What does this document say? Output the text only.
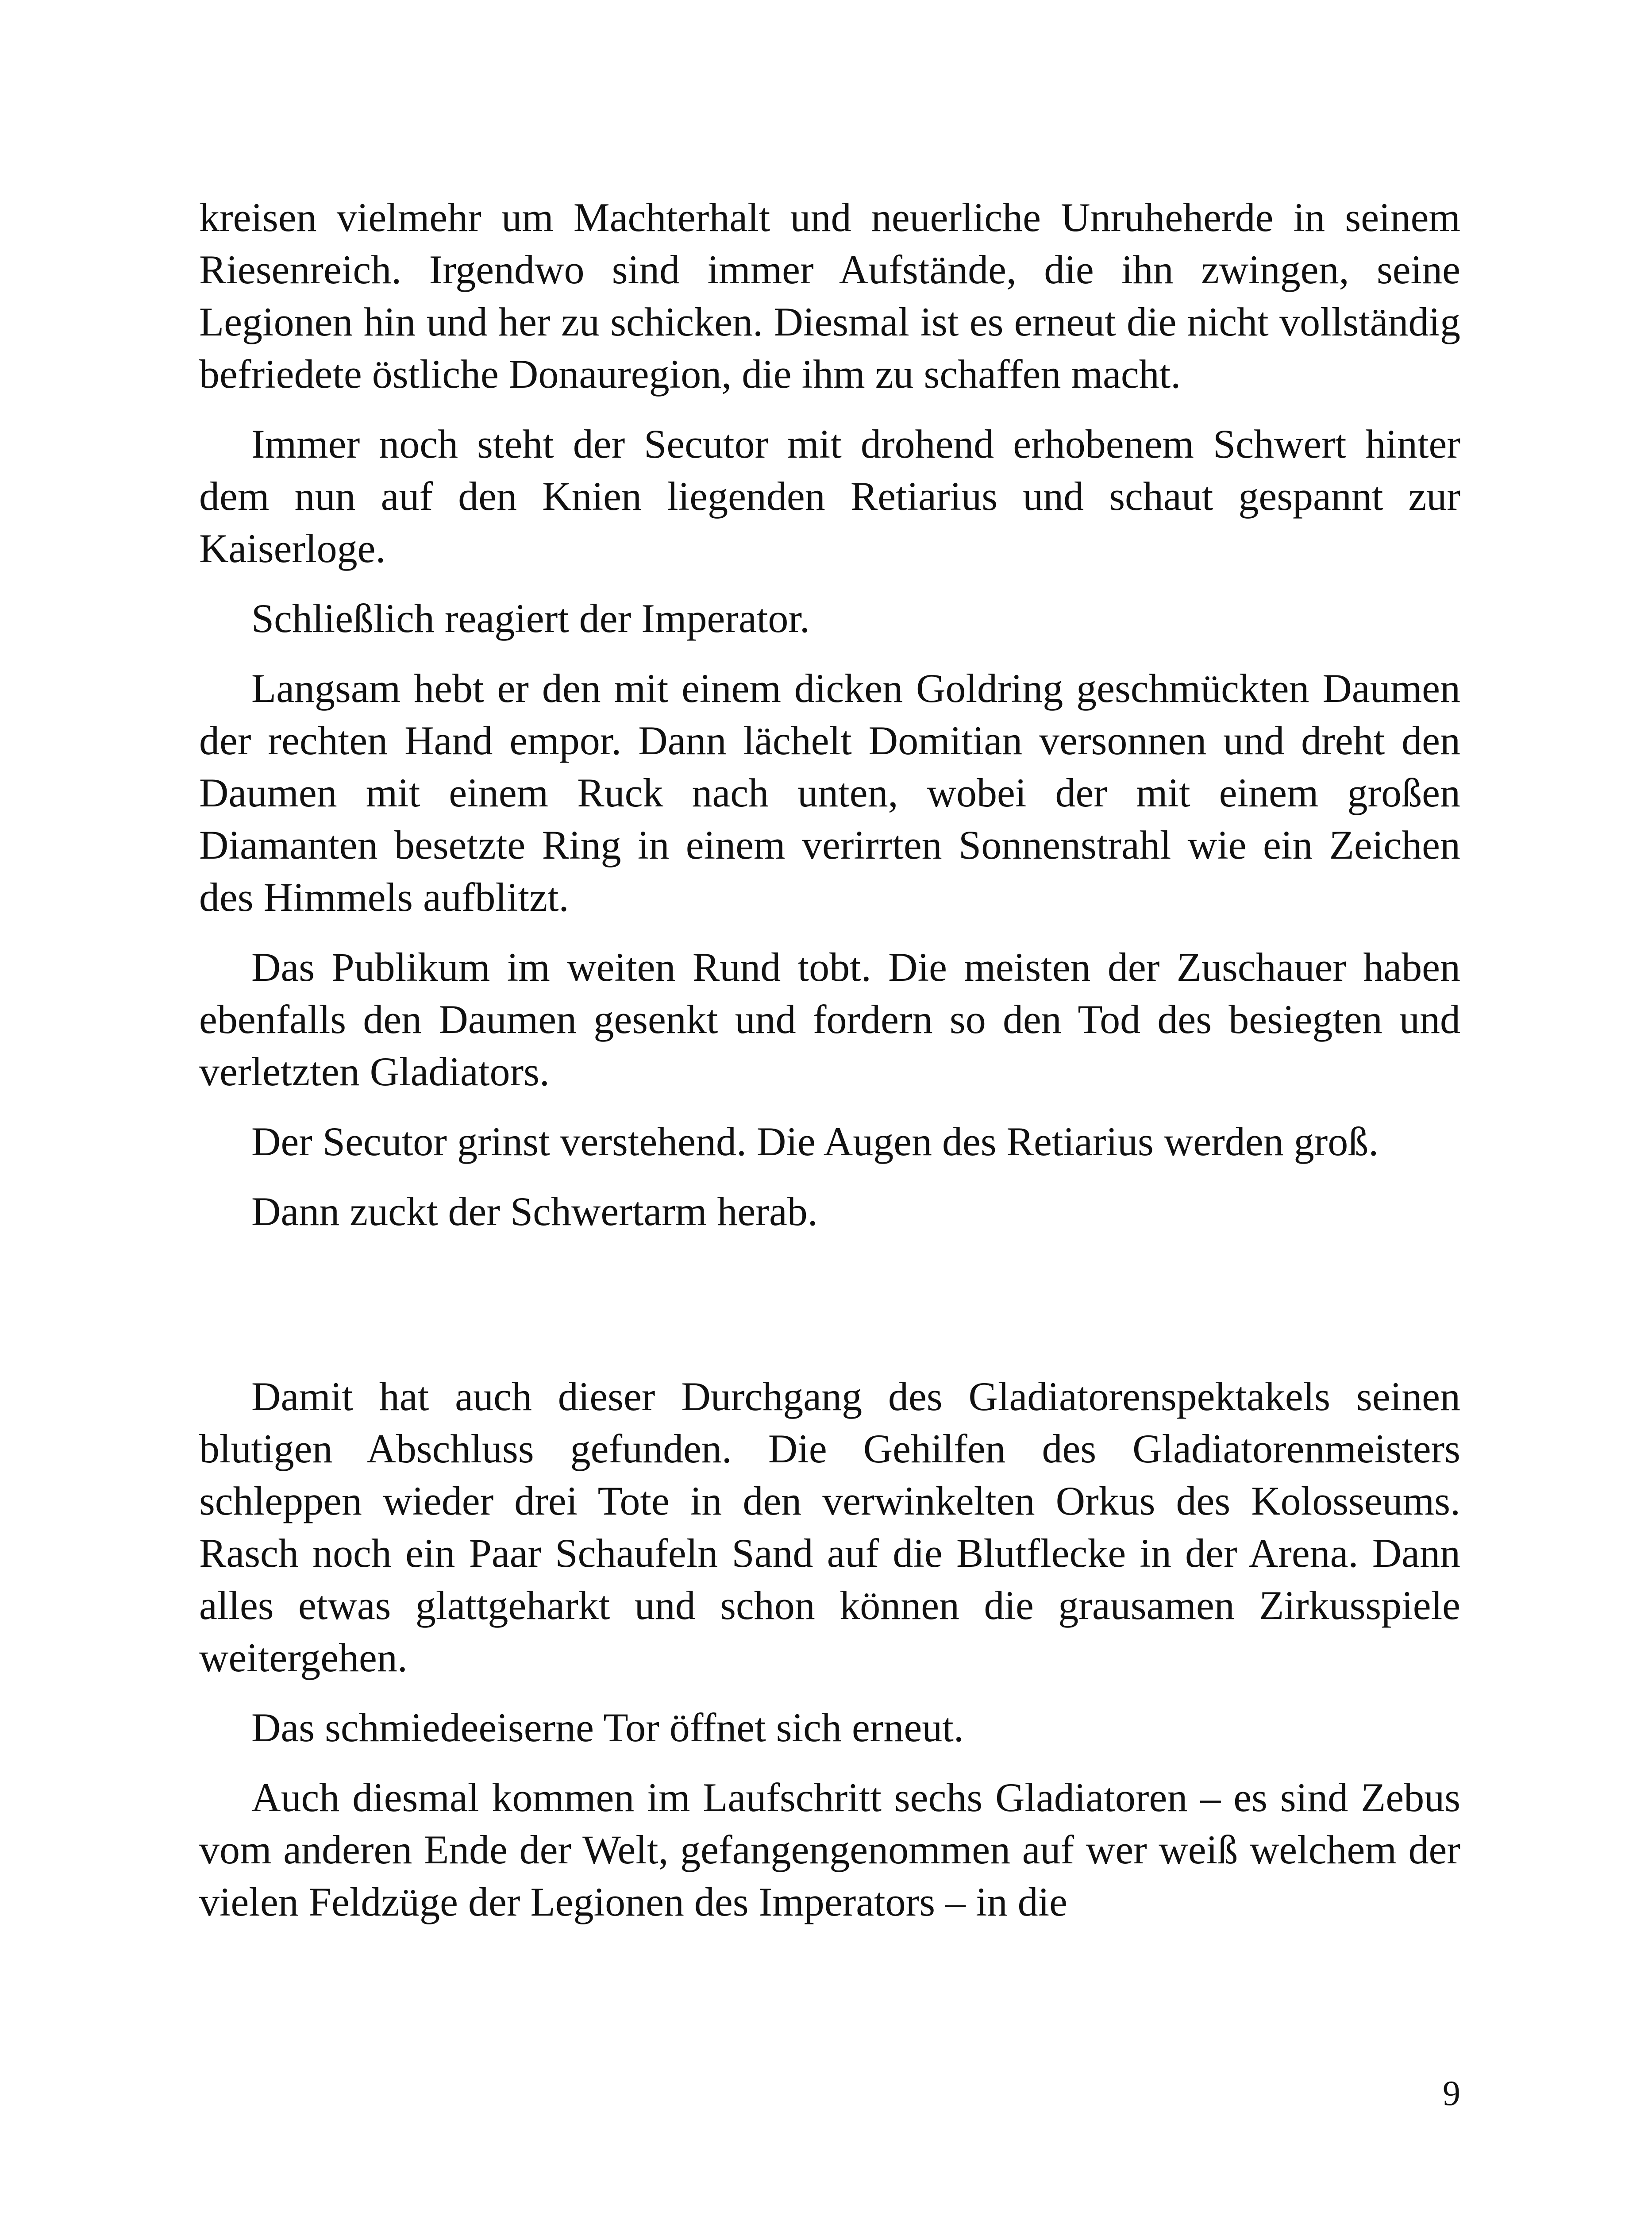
kreisen vielmehr um Machterhalt und neuerliche Unruheherde in seinem Riesenreich. Irgendwo sind immer Aufstände, die ihn zwingen, seine Legionen hin und her zu schicken. Diesmal ist es erneut die nicht vollständig befriedete östliche Donauregion, die ihm zu schaffen macht.

Immer noch steht der Secutor mit drohend erhobenem Schwert hinter dem nun auf den Knien liegenden Retiarius und schaut gespannt zur Kaiserloge.

Schließlich reagiert der Imperator.

Langsam hebt er den mit einem dicken Goldring geschmückten Daumen der rechten Hand empor. Dann lächelt Domitian versonnen und dreht den Daumen mit einem Ruck nach unten, wobei der mit einem großen Diamanten besetzte Ring in einem verirrten Sonnenstrahl wie ein Zeichen des Himmels aufblitzt.

Das Publikum im weiten Rund tobt. Die meisten der Zuschauer haben ebenfalls den Daumen gesenkt und fordern so den Tod des besiegten und verletzten Gladiators.

Der Secutor grinst verstehend. Die Augen des Retiarius werden groß.

Dann zuckt der Schwertarm herab.

Damit hat auch dieser Durchgang des Gladiatorenspektakels seinen blutigen Abschluss gefunden. Die Gehilfen des Gladiatorenmeisters schleppen wieder drei Tote in den verwinkelten Orkus des Kolosseums. Rasch noch ein Paar Schaufeln Sand auf die Blutflecke in der Arena. Dann alles etwas glattgeharkt und schon können die grausamen Zirkusspiele weitergehen.

Das schmiedeeiserne Tor öffnet sich erneut.

Auch diesmal kommen im Laufschritt sechs Gladiatoren – es sind Zebus vom anderen Ende der Welt, gefangengenommen auf wer weiß welchem der vielen Feldzüge der Legionen des Imperators – in die

9
